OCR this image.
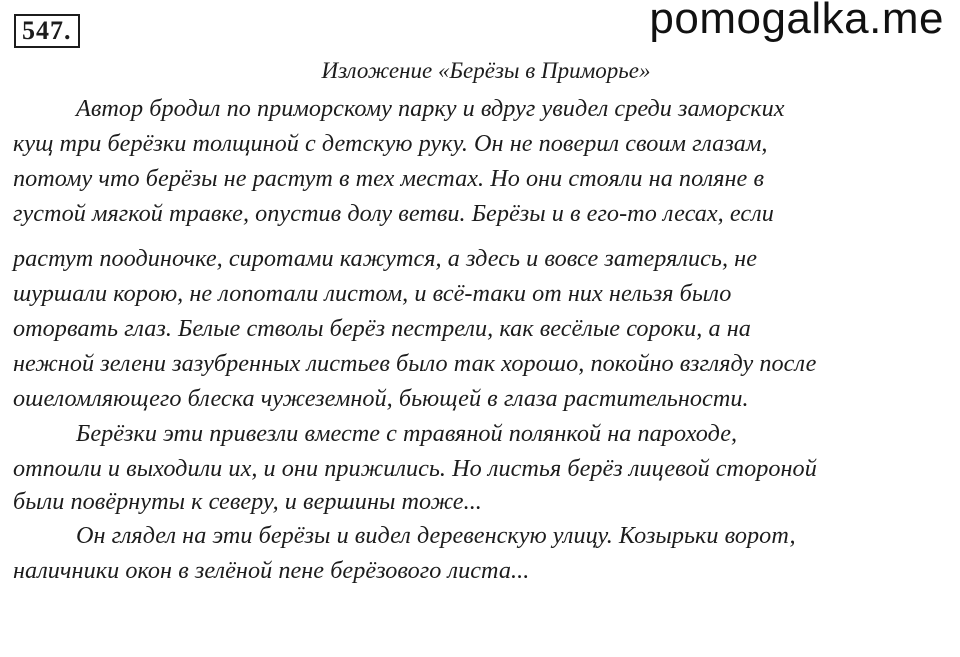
547.	pomogalka.me
Изложение «Берёзы в Приморье»
Автор бродил по приморскому парку и вдруг увидел среди заморских
кущ три берёзки толщиной с детскую руку. Он не поверил своим глазам,
потому что берёзы не растут в тех местах. Но они стояли на поляне в
густой мягкой травке, опустив долу ветви. Берёзы и в его-то лесах, если
растут поодиночке, сиротами кажутся, а здесь и вовсе затерялись, не
шуршали корою, не лопотали листом, и всё-таки от них нельзя было
оторвать глаз. Белые стволы берёз пестрели, как весёлые сороки, а на
нежной зелени зазубренных листьев было так хорошо, покойно взгляду после
ошеломляющего блеска чужеземной, бьющей в глаза растительности.
Берёзки эти привезли вместе с травяной полянкой на пароходе,
отпоили и выходили их, и они прижились. Но листья берёз лицевой стороной
были повёрнуты к северу, и вершины тоже...
Он глядел на эти берёзы и видел деревенскую улицу. Козырьки ворот,
наличники окон в зелёной пене берёзового листа...
